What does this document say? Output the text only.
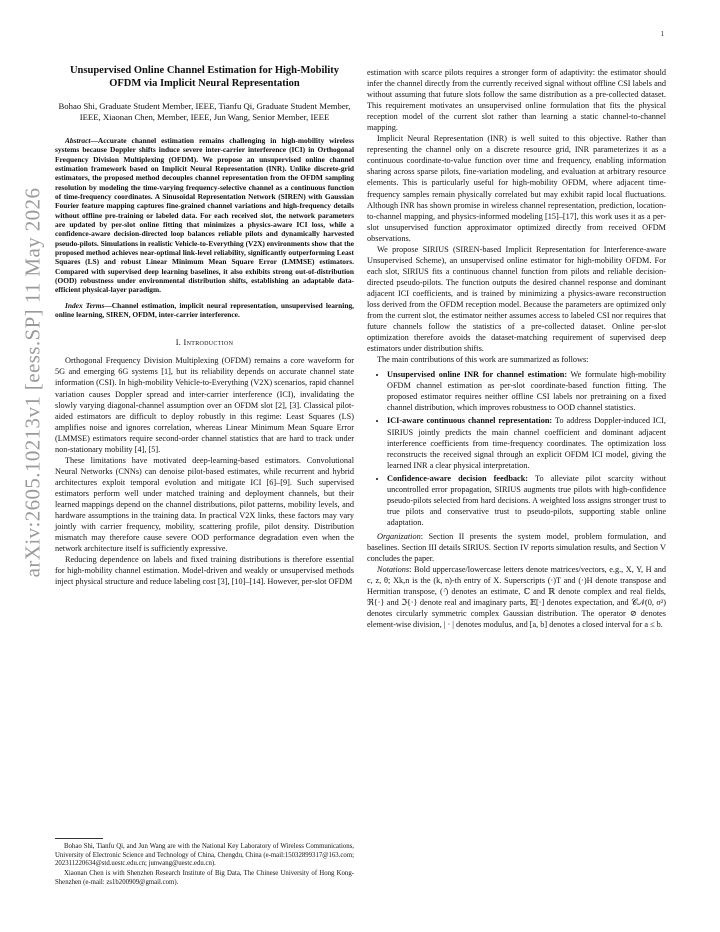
1
arXiv:2605.10213v1 [eess.SP] 11 May 2026
Unsupervised Online Channel Estimation for High-Mobility OFDM via Implicit Neural Representation
Bohao Shi, Graduate Student Member, IEEE, Tianfu Qi, Graduate Student Member, IEEE, Xiaonan Chen, Member, IEEE, Jun Wang, Senior Member, IEEE

Abstract—Accurate channel estimation remains challenging in high-mobility wireless systems because Doppler shifts induce severe inter-carrier interference (ICI) in Orthogonal Frequency Division Multiplexing (OFDM). We propose an unsupervised online channel estimation framework based on Implicit Neural Representation (INR). Unlike discrete-grid estimators, the proposed method decouples channel representation from the OFDM sampling resolution by modeling the time-varying frequency-selective channel as a continuous function of time-frequency coordinates. A Sinusoidal Representation Network (SIREN) with Gaussian Fourier feature mapping captures fine-grained channel variations and high-frequency details without offline pre-training or labeled data. For each received slot, the network parameters are updated by per-slot online fitting that minimizes a physics-aware ICI loss, while a confidence-aware decision-directed loop balances reliable pilots and dynamically harvested pseudo-pilots. Simulations in realistic Vehicle-to-Everything (V2X) environments show that the proposed method achieves near-optimal link-level reliability, significantly outperforming Least Squares (LS) and robust Linear Minimum Mean Square Error (LMMSE) estimators. Compared with supervised deep learning baselines, it also exhibits strong out-of-distribution (OOD) robustness under environmental distribution shifts, establishing an adaptable data-efficient physical-layer paradigm.

Index Terms—Channel estimation, implicit neural representation, unsupervised learning, online learning, SIREN, OFDM, inter-carrier interference.

I. Introduction

Orthogonal Frequency Division Multiplexing (OFDM) remains a core waveform for 5G and emerging 6G systems [1], but its reliability depends on accurate channel state information (CSI). In high-mobility Vehicle-to-Everything (V2X) scenarios, rapid channel variation causes Doppler spread and inter-carrier interference (ICI), invalidating the slowly varying diagonal-channel assumption over an OFDM slot [2], [3]. Classical pilot-aided estimators are difficult to deploy robustly in this regime: Least Squares (LS) amplifies noise and ignores correlation, whereas Linear Minimum Mean Square Error (LMMSE) estimators require second-order channel statistics that are hard to track under non-stationary mobility [4], [5].

These limitations have motivated deep-learning-based estimators. Convolutional Neural Networks (CNNs) can denoise pilot-based estimates, while recurrent and hybrid architectures exploit temporal evolution and mitigate ICI [6]–[9]. Such supervised estimators perform well under matched training and deployment channels, but their learned mappings depend on the channel distributions, pilot patterns, mobility levels, and hardware assumptions in the training data. In practical V2X links, these factors may vary jointly with carrier frequency, mobility, scattering profile, pilot density. Distribution mismatch may therefore cause severe OOD performance degradation even when the network architecture itself is sufficiently expressive.

Reducing dependence on labels and fixed training distributions is therefore essential for high-mobility channel estimation. Model-driven and weakly or unsupervised methods inject physical structure and reduce labeling cost [3], [10]–[14]. However, per-slot OFDM

Bohao Shi, Tianfu Qi, and Jun Wang are with the National Key Laboratory of Wireless Communications, University of Electronic Science and Technology of China, Chengdu, China (e-mail:15032899317@163.com; 202311220634@std.uestc.edu.cn; junwang@uestc.edu.cn).

Xiaonan Chen is with Shenzhen Research Institute of Big Data, The Chinese University of Hong Kong-Shenzhen (e-mail: zs1b200909@gmail.com).

estimation with scarce pilots requires a stronger form of adaptivity: the estimator should infer the channel directly from the currently received signal without offline CSI labels and without assuming that future slots follow the same distribution as a pre-collected dataset. This requirement motivates an unsupervised online formulation that fits the physical reception model of the current slot rather than learning a static channel-to-channel mapping.

Implicit Neural Representation (INR) is well suited to this objective. Rather than representing the channel only on a discrete resource grid, INR parameterizes it as a continuous coordinate-to-value function over time and frequency, enabling information sharing across sparse pilots, fine-variation modeling, and evaluation at arbitrary resource elements. This is particularly useful for high-mobility OFDM, where adjacent time-frequency samples remain physically correlated but may exhibit rapid local fluctuations. Although INR has shown promise in wireless channel representation, prediction, location-to-channel mapping, and physics-informed modeling [15]–[17], this work uses it as a per-slot unsupervised function approximator optimized directly from received OFDM observations.

We propose SIRIUS (SIREN-based Implicit Representation for Interference-aware Unsupervised Scheme), an unsupervised online estimator for high-mobility OFDM. For each slot, SIRIUS fits a continuous channel function from pilots and reliable decision-directed pseudo-pilots. The function outputs the desired channel response and dominant adjacent ICI coefficients, and is trained by minimizing a physics-aware reconstruction loss derived from the OFDM reception model. Because the parameters are optimized only from the current slot, the estimator neither assumes access to labeled CSI nor requires that future channels follow the statistics of a pre-collected dataset. Online per-slot optimization therefore avoids the dataset-matching requirement of supervised deep estimators under distribution shifts.

The main contributions of this work are summarized as follows:

• Unsupervised online INR for channel estimation: We formulate high-mobility OFDM channel estimation as per-slot coordinate-based function fitting. The proposed estimator requires neither offline CSI labels nor pretraining on a fixed channel distribution, which improves robustness to OOD channel statistics.
• ICI-aware continuous channel representation: To address Doppler-induced ICI, SIRIUS jointly predicts the main channel coefficient and dominant adjacent interference coefficients from time-frequency coordinates. The optimization loss reconstructs the received signal through an explicit OFDM ICI model, giving the learned INR a clear physical interpretation.
• Confidence-aware decision feedback: To alleviate pilot scarcity without uncontrolled error propagation, SIRIUS augments true pilots with high-confidence pseudo-pilots selected from hard decisions. A weighted loss assigns stronger trust to true pilots and conservative trust to pseudo-pilots, supporting stable online adaptation.

Organization: Section II presents the system model, problem formulation, and baselines. Section III details SIRIUS. Section IV reports simulation results, and Section V concludes the paper.

Notations: Bold uppercase/lowercase letters denote matrices/vectors, e.g., X, Y, H and c, z, θ; Xk,n is the (k, n)-th entry of X. Superscripts (·)T and (·)H denote transpose and Hermitian transpose, (·̂) denotes an estimate, ℂ and ℝ denote complex and real fields, ℜ{·} and ℑ{·} denote real and imaginary parts, 𝔼[·] denotes expectation, and 𝒞𝒩(0, σ²) denotes circularly symmetric complex Gaussian distribution. The operator ⊘ denotes element-wise division, | · | denotes modulus, and [a, b] denotes a closed interval for a ≤ b.
